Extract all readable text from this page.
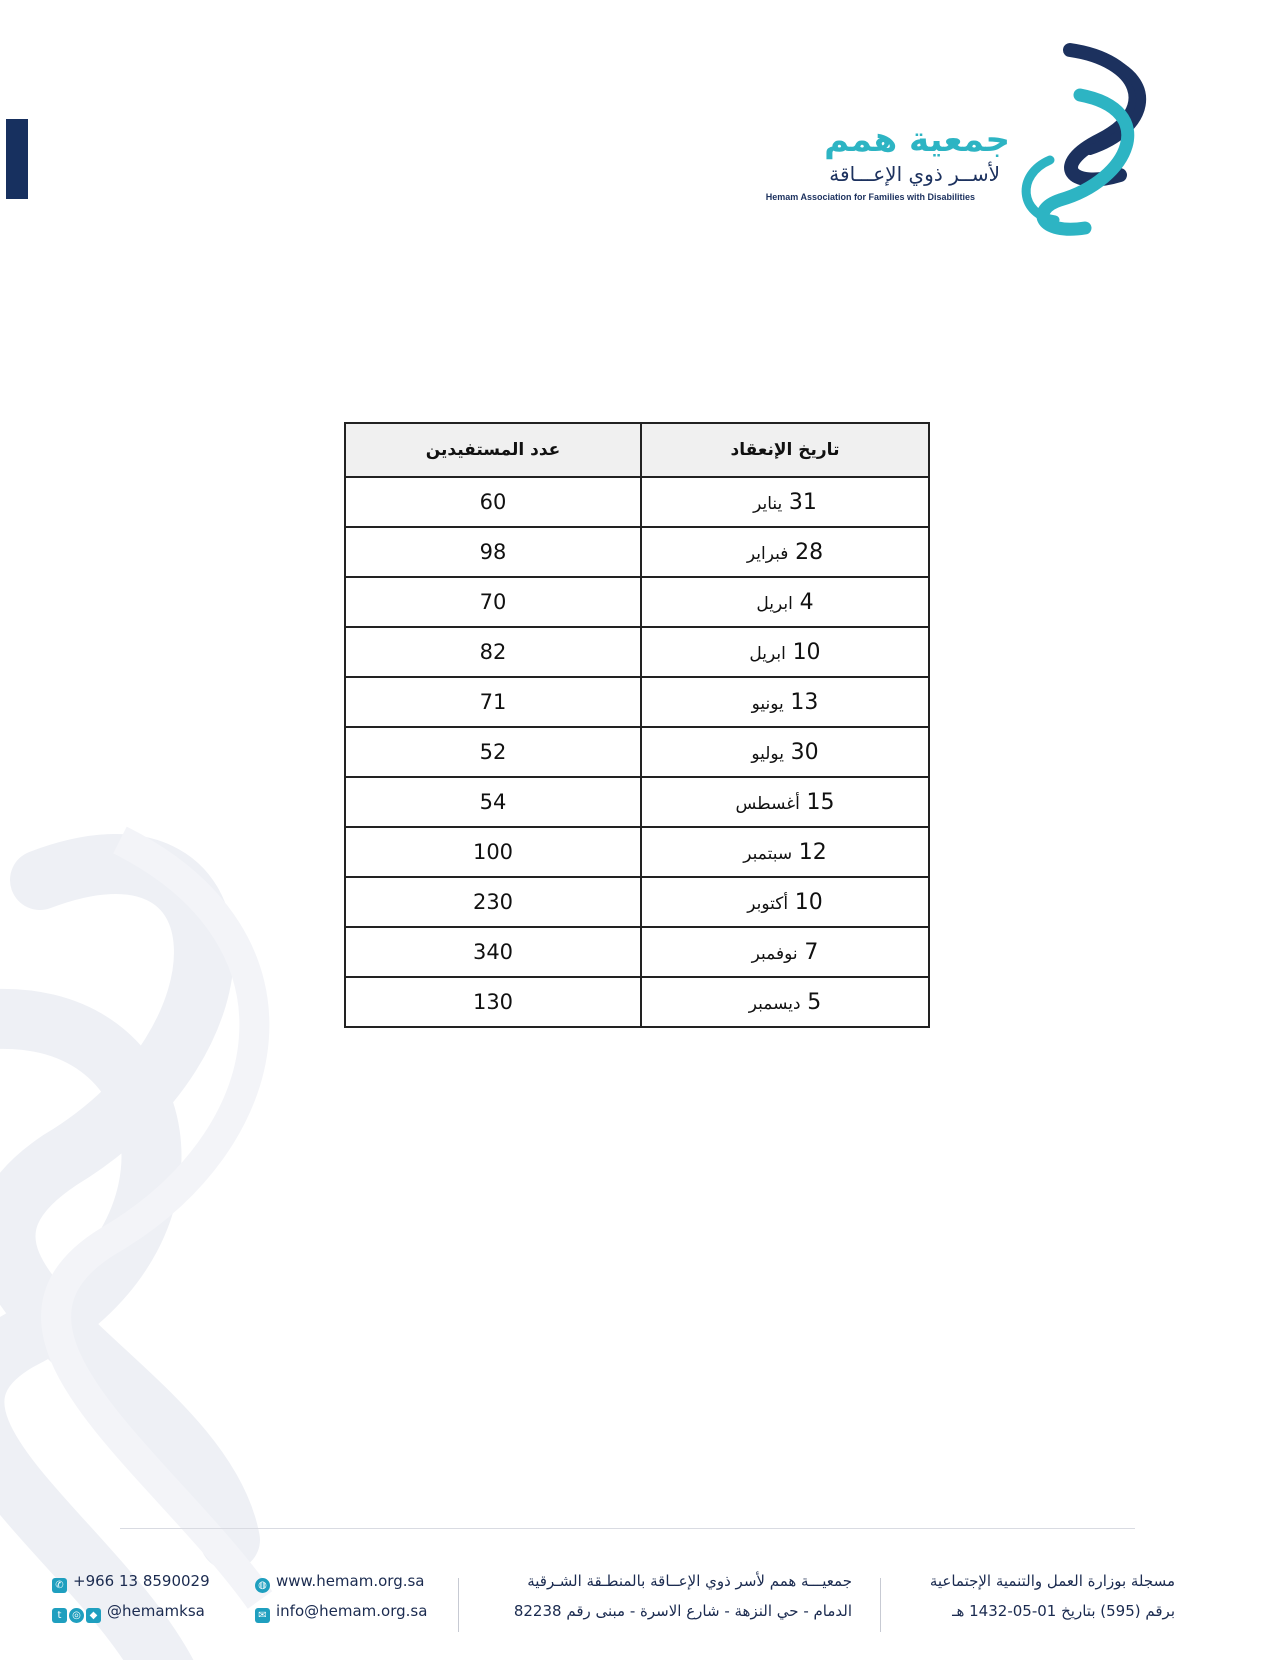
جمعية همم
لأســر ذوي الإعـــاقة
Hemam Association for Families with Disabilities
عدد المستفيدين	تاريخ الإنعقاد
60	31 يناير
98	28 فبراير
70	4 ابريل
82	10 ابريل
71	13 يونيو
52	30 يوليو
54	15 أغسطس
100	12 سبتمبر
230	10 أكتوبر
340	7 نوفمبر
130	5 ديسمبر
مسجلة بوزارة العمل والتنمية الإجتماعية
برقم (595) بتاريخ 01-05-1432 هـ
جمعيـــة همم لأسر ذوي الإعــاقة بالمنطـقة الشـرقية
الدمام - حي النزهة - شارع الاسرة - مبنى رقم 82238
◍ www.hemam.org.sa
✉ info@hemam.org.sa
✆ +966 13 8590029
t ◎ ◆ @hemamksa
